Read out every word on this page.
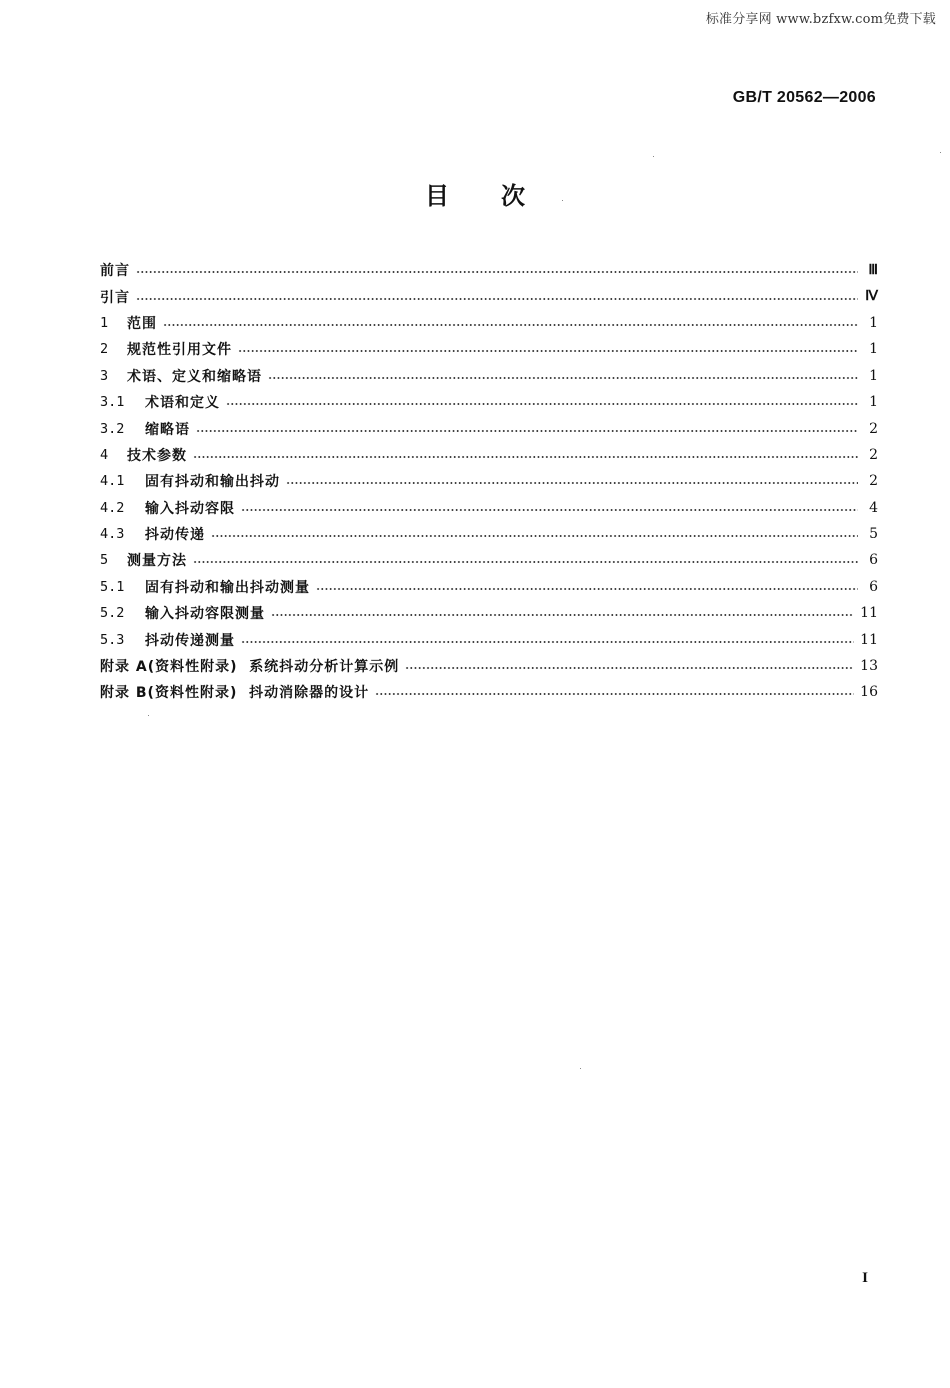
标准分享网 www.bzfxw.com免费下载
GB/T 20562—2006
目 次
前言	Ⅲ
引言	Ⅳ
1	范围	1
2	规范性引用文件	1
3	术语、定义和缩略语	1
3.1	术语和定义	1
3.2	缩略语	2
4	技术参数	2
4.1	固有抖动和输出抖动	2
4.2	输入抖动容限	4
4.3	抖动传递	5
5	测量方法	6
5.1	固有抖动和输出抖动测量	6
5.2	输入抖动容限测量	11
5.3	抖动传递测量	11
附录 A(资料性附录)  系统抖动分析计算示例	13
附录 B(资料性附录)  抖动消除器的设计	16
I
